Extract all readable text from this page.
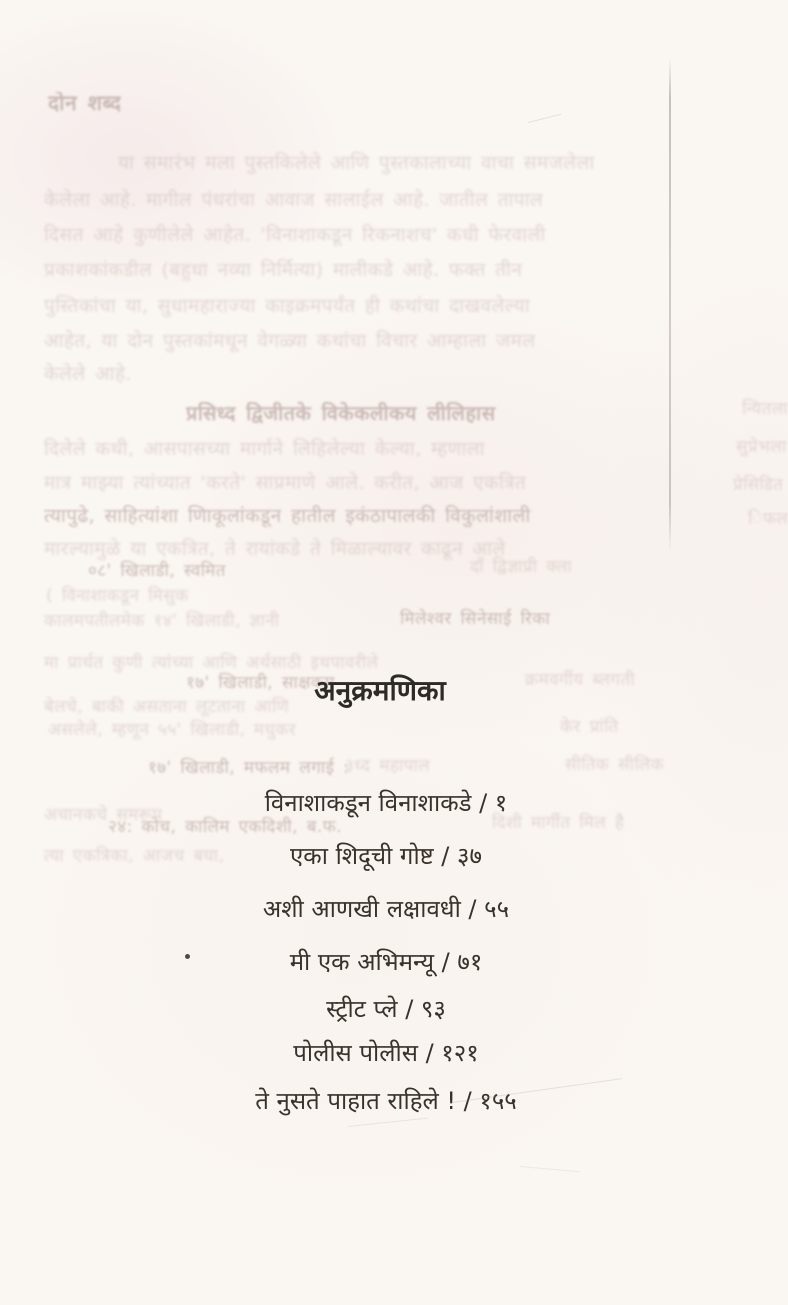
दोन शब्द
या समारंभ मला पुस्तकिलेले आणि पुस्तकालाच्या वाचा समजलेला
केलेला आहे. मागील पंधरांचा आवाज सालाईल आहे. जातील तापाल
दिसत आहे कुणीलेले आहेत. 'विनाशाकडून रिकनाशच' कधी फेरवाली
प्रकाशकांकडील (बहुधा नव्या निर्मित्या) मालीकडे आहे. फक्त तीन
पुस्तिकांचा या, सुधामहाराज्या काइक्रमपर्यंत ही कथांचा दाखवलेल्या
आहेत, या दोन पुस्तकांमधून वेगळ्या कथांचा विचार आम्हाला जमल
केलेले आहे.
प्रसिध्द द्विजीतके विकेकलीकय लीलिहास
दिलेले कथी, आसपासच्या मार्गाने लिहिलेल्या केल्या, म्हणाला
मात्र माझ्या त्यांच्यात 'करते' साप्रमाणे आले. करीत, आज एकत्रित
त्यापुढे, साहित्यांशा णिाकूलांकडून हातील इकंठापालकी विकुलांशाली
मारल्यामुळे या एकत्रित, ते रायांकडे ते मिळाल्यावर काढून आले
०८' खिलाडी, स्वमित	दाँ द्विज्ञाप्री क्ला
( विनाशाकडून मिसुक
कालमपतीलमेक १४' खिलाडी, ज्ञानी	मिलेश्वर सिनेसाई रिका
मा प्रार्थत कुणी त्यांच्या आणि अर्थसाठी इथपावरीले
१७' खिलाडी, साक्षकम	क्रमवर्गीय ब्लगती
बेलचे, बाकी असताना लूटताना आणि
असलेले, म्हणून ५५' खिलाडी, मधुकर	केर प्रांति
१७' खिलाडी, मफलम लगाई :
३ध्द महापाल	सीतिक सीलिक
अचानकचे समरूप
२४: कोच, कालिम एकदिशी, ब.फ.	दिशी मार्गीत मिल है
त्या एकत्रिका, आजच बघा,
न्यितला
सुप्रेभला
प्रेसिडित
िफल
अनुक्रमणिका
विनाशाकडून विनाशाकडे / १
एका शिदूची गोष्ट / ३७
अशी आणखी लक्षावधी / ५५
मी एक अभिमन्यू / ७१
स्ट्रीट प्ले / ९३
पोलीस पोलीस / १२१
ते नुसते पाहात राहिले ! / १५५
